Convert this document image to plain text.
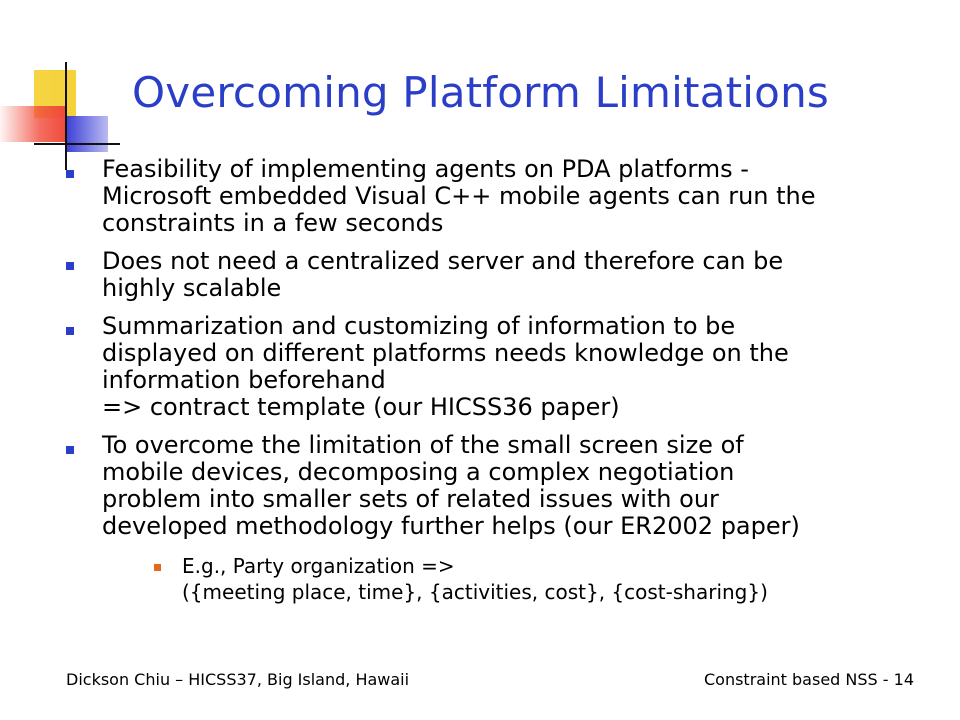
Overcoming Platform Limitations
Feasibility of implementing agents on PDA platforms -
Microsoft embedded Visual C++ mobile agents can run the
constraints in a few seconds
Does not need a centralized server and therefore can be
highly scalable
Summarization and customizing of information to be
displayed on different platforms needs knowledge on the
information beforehand
=> contract template (our HICSS36 paper)
To overcome the limitation of the small screen size of
mobile devices, decomposing a complex negotiation
problem into smaller sets of related issues with our
developed methodology further helps (our ER2002 paper)
E.g., Party organization =>
({meeting place, time}, {activities, cost}, {cost-sharing})
Dickson Chiu – HICSS37, Big Island, Hawaii	Constraint based NSS - 14
